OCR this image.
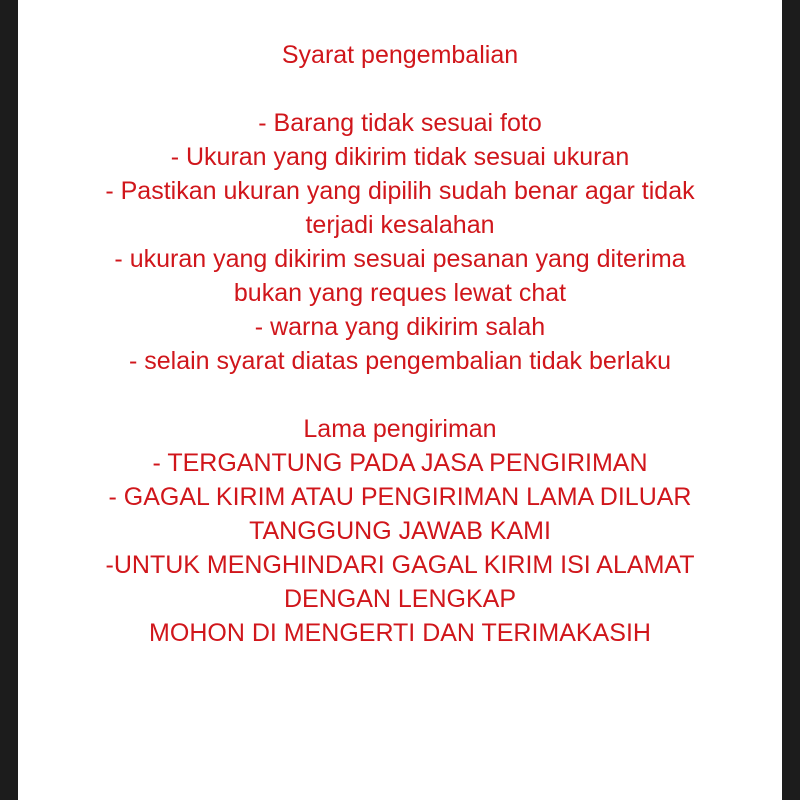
Syarat pengembalian
- Barang tidak sesuai foto
- Ukuran yang dikirim tidak sesuai ukuran
- Pastikan ukuran yang dipilih sudah benar agar tidak
terjadi kesalahan
- ukuran yang dikirim sesuai pesanan yang diterima
bukan yang reques lewat chat
- warna yang dikirim salah
- selain syarat diatas pengembalian tidak berlaku
Lama pengiriman
- TERGANTUNG PADA JASA PENGIRIMAN
- GAGAL KIRIM ATAU PENGIRIMAN LAMA DILUAR
TANGGUNG JAWAB KAMI
-UNTUK MENGHINDARI GAGAL KIRIM ISI ALAMAT
DENGAN LENGKAP
MOHON DI MENGERTI DAN TERIMAKASIH
